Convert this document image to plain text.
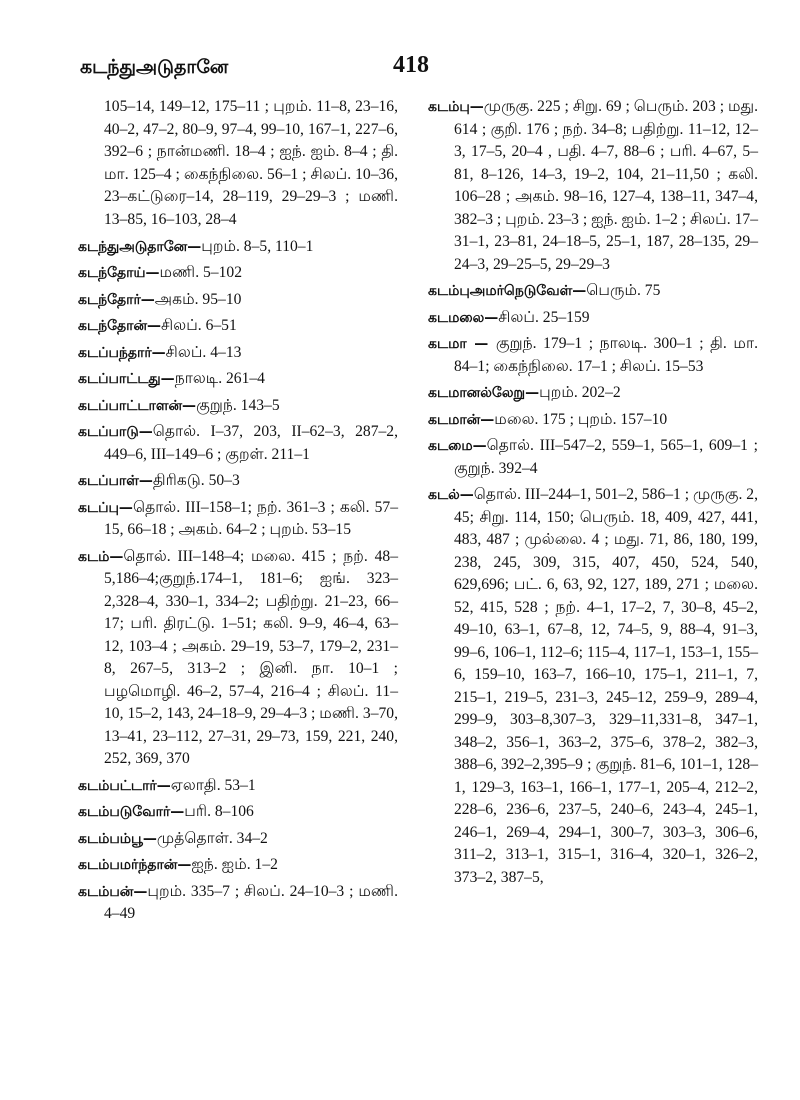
கடந்துஅடுதானே	418
105–14, 149–12, 175–11 ; புறம். 11–8, 23–16, 40–2, 47–2, 80–9, 97–4, 99–10, 167–1, 227–6, 392–6 ; நான்மணி. 18–4 ; ஐந். ஐம். 8–4 ; தி. மா. 125–4 ; கைந்நிலை. 56–1 ; சிலப். 10–36, 23–கட்டுரை–14, 28–119, 29–29–3 ; மணி. 13–85, 16–103, 28–4
கடந்துஅடுதானே—புறம். 8–5, 110–1
கடந்தோய்—மணி. 5–102
கடந்தோர்—அகம். 95–10
கடந்தோன்—சிலப். 6–51
கடப்பந்தார்—சிலப். 4–13
கடப்பாட்டது—நாலடி. 261–4
கடப்பாட்டாளன்—குறுந். 143–5
கடப்பாடு—தொல். I–37, 203, II–62–3, 287–2, 449–6, III–149–6 ; குறள். 211–1
கடப்பாள்—திரிகடு. 50–3
கடப்பு—தொல். III–158–1; நற். 361–3 ; கலி. 57–15, 66–18 ; அகம். 64–2 ; புறம். 53–15
கடம்—தொல். III–148–4; மலை. 415 ; நற். 48–5,186–4;குறுந்.174–1, 181–6; ஐங். 323–2,328–4, 330–1, 334–2; பதிற்று. 21–23, 66–17; பரி. திரட்டு. 1–51; கலி. 9–9, 46–4, 63–12, 103–4 ; அகம். 29–19, 53–7, 179–2, 231–8, 267–5, 313–2 ; இனி. நா. 10–1 ; பழமொழி. 46–2, 57–4, 216–4 ; சிலப். 11–10, 15–2, 143, 24–18–9, 29–4–3 ; மணி. 3–70, 13–41, 23–112, 27–31, 29–73, 159, 221, 240, 252, 369, 370
கடம்பட்டார்—ஏலாதி. 53–1
கடம்படுவோர்—பரி. 8–106
கடம்பம்பூ—முத்தொள். 34–2
கடம்பமர்ந்தான்—ஐந். ஐம். 1–2
கடம்பன்—புறம். 335–7 ; சிலப். 24–10–3 ; மணி. 4–49
கடம்பு—முருகு. 225 ; சிறு. 69 ; பெரும். 203 ; மது. 614 ; குறி. 176 ; நற். 34–8; பதிற்று. 11–12, 12–3, 17–5, 20–4 , பதி. 4–7, 88–6 ; பரி. 4–67, 5–81, 8–126, 14–3, 19–2, 104, 21–11,50 ; கலி. 106–28 ; அகம். 98–16, 127–4, 138–11, 347–4, 382–3 ; புறம். 23–3 ; ஐந். ஐம். 1–2 ; சிலப். 17–31–1, 23–81, 24–18–5, 25–1, 187, 28–135, 29–24–3, 29–25–5, 29–29–3
கடம்புஅமர்நெடுவேள்—பெரும். 75
கடமலை—சிலப். 25–159
கடமா — குறுந். 179–1 ; நாலடி. 300–1 ; தி. மா. 84–1; கைந்நிலை. 17–1 ; சிலப். 15–53
கடமானல்லேறு—புறம். 202–2
கடமான்—மலை. 175 ; புறம். 157–10
கடமை—தொல். III–547–2, 559–1, 565–1, 609–1 ; குறுந். 392–4
கடல்—தொல். III–244–1, 501–2, 586–1 ; முருகு. 2, 45; சிறு. 114, 150; பெரும். 18, 409, 427, 441, 483, 487 ; முல்லை. 4 ; மது. 71, 86, 180, 199, 238, 245, 309, 315, 407, 450, 524, 540, 629,696; பட். 6, 63, 92, 127, 189, 271 ; மலை. 52, 415, 528 ; நற். 4–1, 17–2, 7, 30–8, 45–2, 49–10, 63–1, 67–8, 12, 74–5, 9, 88–4, 91–3, 99–6, 106–1, 112–6; 115–4, 117–1, 153–1, 155–6, 159–10, 163–7, 166–10, 175–1, 211–1, 7, 215–1, 219–5, 231–3, 245–12, 259–9, 289–4, 299–9, 303–8,307–3, 329–11,331–8, 347–1, 348–2, 356–1, 363–2, 375–6, 378–2, 382–3, 388–6, 392–2,395–9 ; குறுந். 81–6, 101–1, 128–1, 129–3, 163–1, 166–1, 177–1, 205–4, 212–2, 228–6, 236–6, 237–5, 240–6, 243–4, 245–1, 246–1, 269–4, 294–1, 300–7, 303–3, 306–6, 311–2, 313–1, 315–1, 316–4, 320–1, 326–2, 373–2, 387–5,
